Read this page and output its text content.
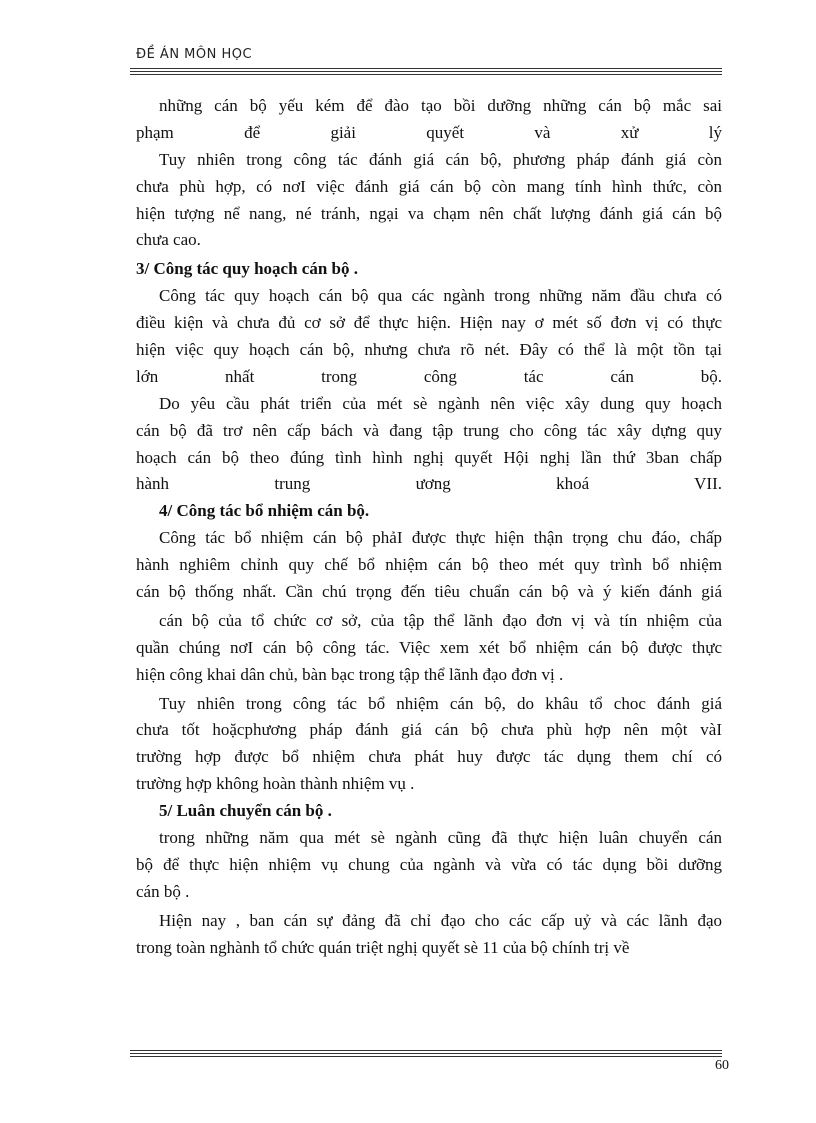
ĐỀ ÁN MÔN HỌC
những cán bộ yếu kém để đào tạo bồi dưỡng những cán bộ mắc sai
phạm để giải quyết và xử lý
Tuy nhiên trong công tác đánh giá cán bộ, phương pháp đánh giá còn
chưa phù hợp, có nơI việc đánh giá cán bộ còn mang tính hình thức, còn
hiện tượng nể nang, né tránh, ngại va chạm nên chất lượng đánh giá cán bộ
chưa cao.
3/ Công tác quy hoạch cán bộ .
Công tác quy hoạch cán bộ qua các ngành trong những năm đầu chưa có
điều kiện và chưa đủ cơ sở để thực hiện. Hiện nay ơ mét số đơn vị có thực
hiện việc quy hoạch cán bộ, nhưng chưa rõ nét. Đây có thể là một tồn tại
lớn nhất trong công tác cán bộ.
Do yêu cầu phát triển của mét sè ngành nên việc xây dung quy hoạch
cán bộ đã trơ nên cấp bách và đang tập trung cho công tác xây dựng quy
hoạch cán bộ theo đúng tình hình nghị quyết Hội nghị lần thứ 3ban chấp
hành trung ương khoá VII.
4/ Công tác bổ nhiệm cán bộ.
Công tác bổ nhiệm cán bộ phảI được thực hiện thận trọng chu đáo, chấp
hành nghiêm chỉnh quy chế bổ nhiệm cán bộ theo mét quy trình bổ nhiệm
cán bộ thống nhất. Cần chú trọng đến tiêu chuẩn cán bộ và ý kiến đánh giá
cán bộ của tổ chức cơ sở, của tập thể lãnh đạo đơn vị và tín nhiệm của
quần chúng nơI cán bộ công tác. Việc xem xét bổ nhiệm cán bộ được thực
hiện công khai dân chủ, bàn bạc trong tập thể lãnh đạo đơn vị .
Tuy nhiên trong công tác bổ nhiệm cán bộ, do khâu tổ choc đánh giá
chưa tốt hoặcphương pháp đánh giá cán bộ chưa phù hợp nên một vàI
trường hợp được bổ nhiệm chưa phát huy được tác dụng them chí có
trường hợp không hoàn thành nhiệm vụ .
5/ Luân chuyển cán bộ .
trong những năm qua mét sè ngành cũng đã thực hiện luân chuyển cán
bộ để thực hiện nhiệm vụ chung của ngành và vừa có tác dụng bồi dưỡng
cán bộ .
Hiện nay , ban cán sự đảng đã chỉ đạo cho các cấp uỷ và các lãnh đạo
trong toàn nghành tổ chức quán triệt nghị quyết sè 11 của bộ chính trị về
60
